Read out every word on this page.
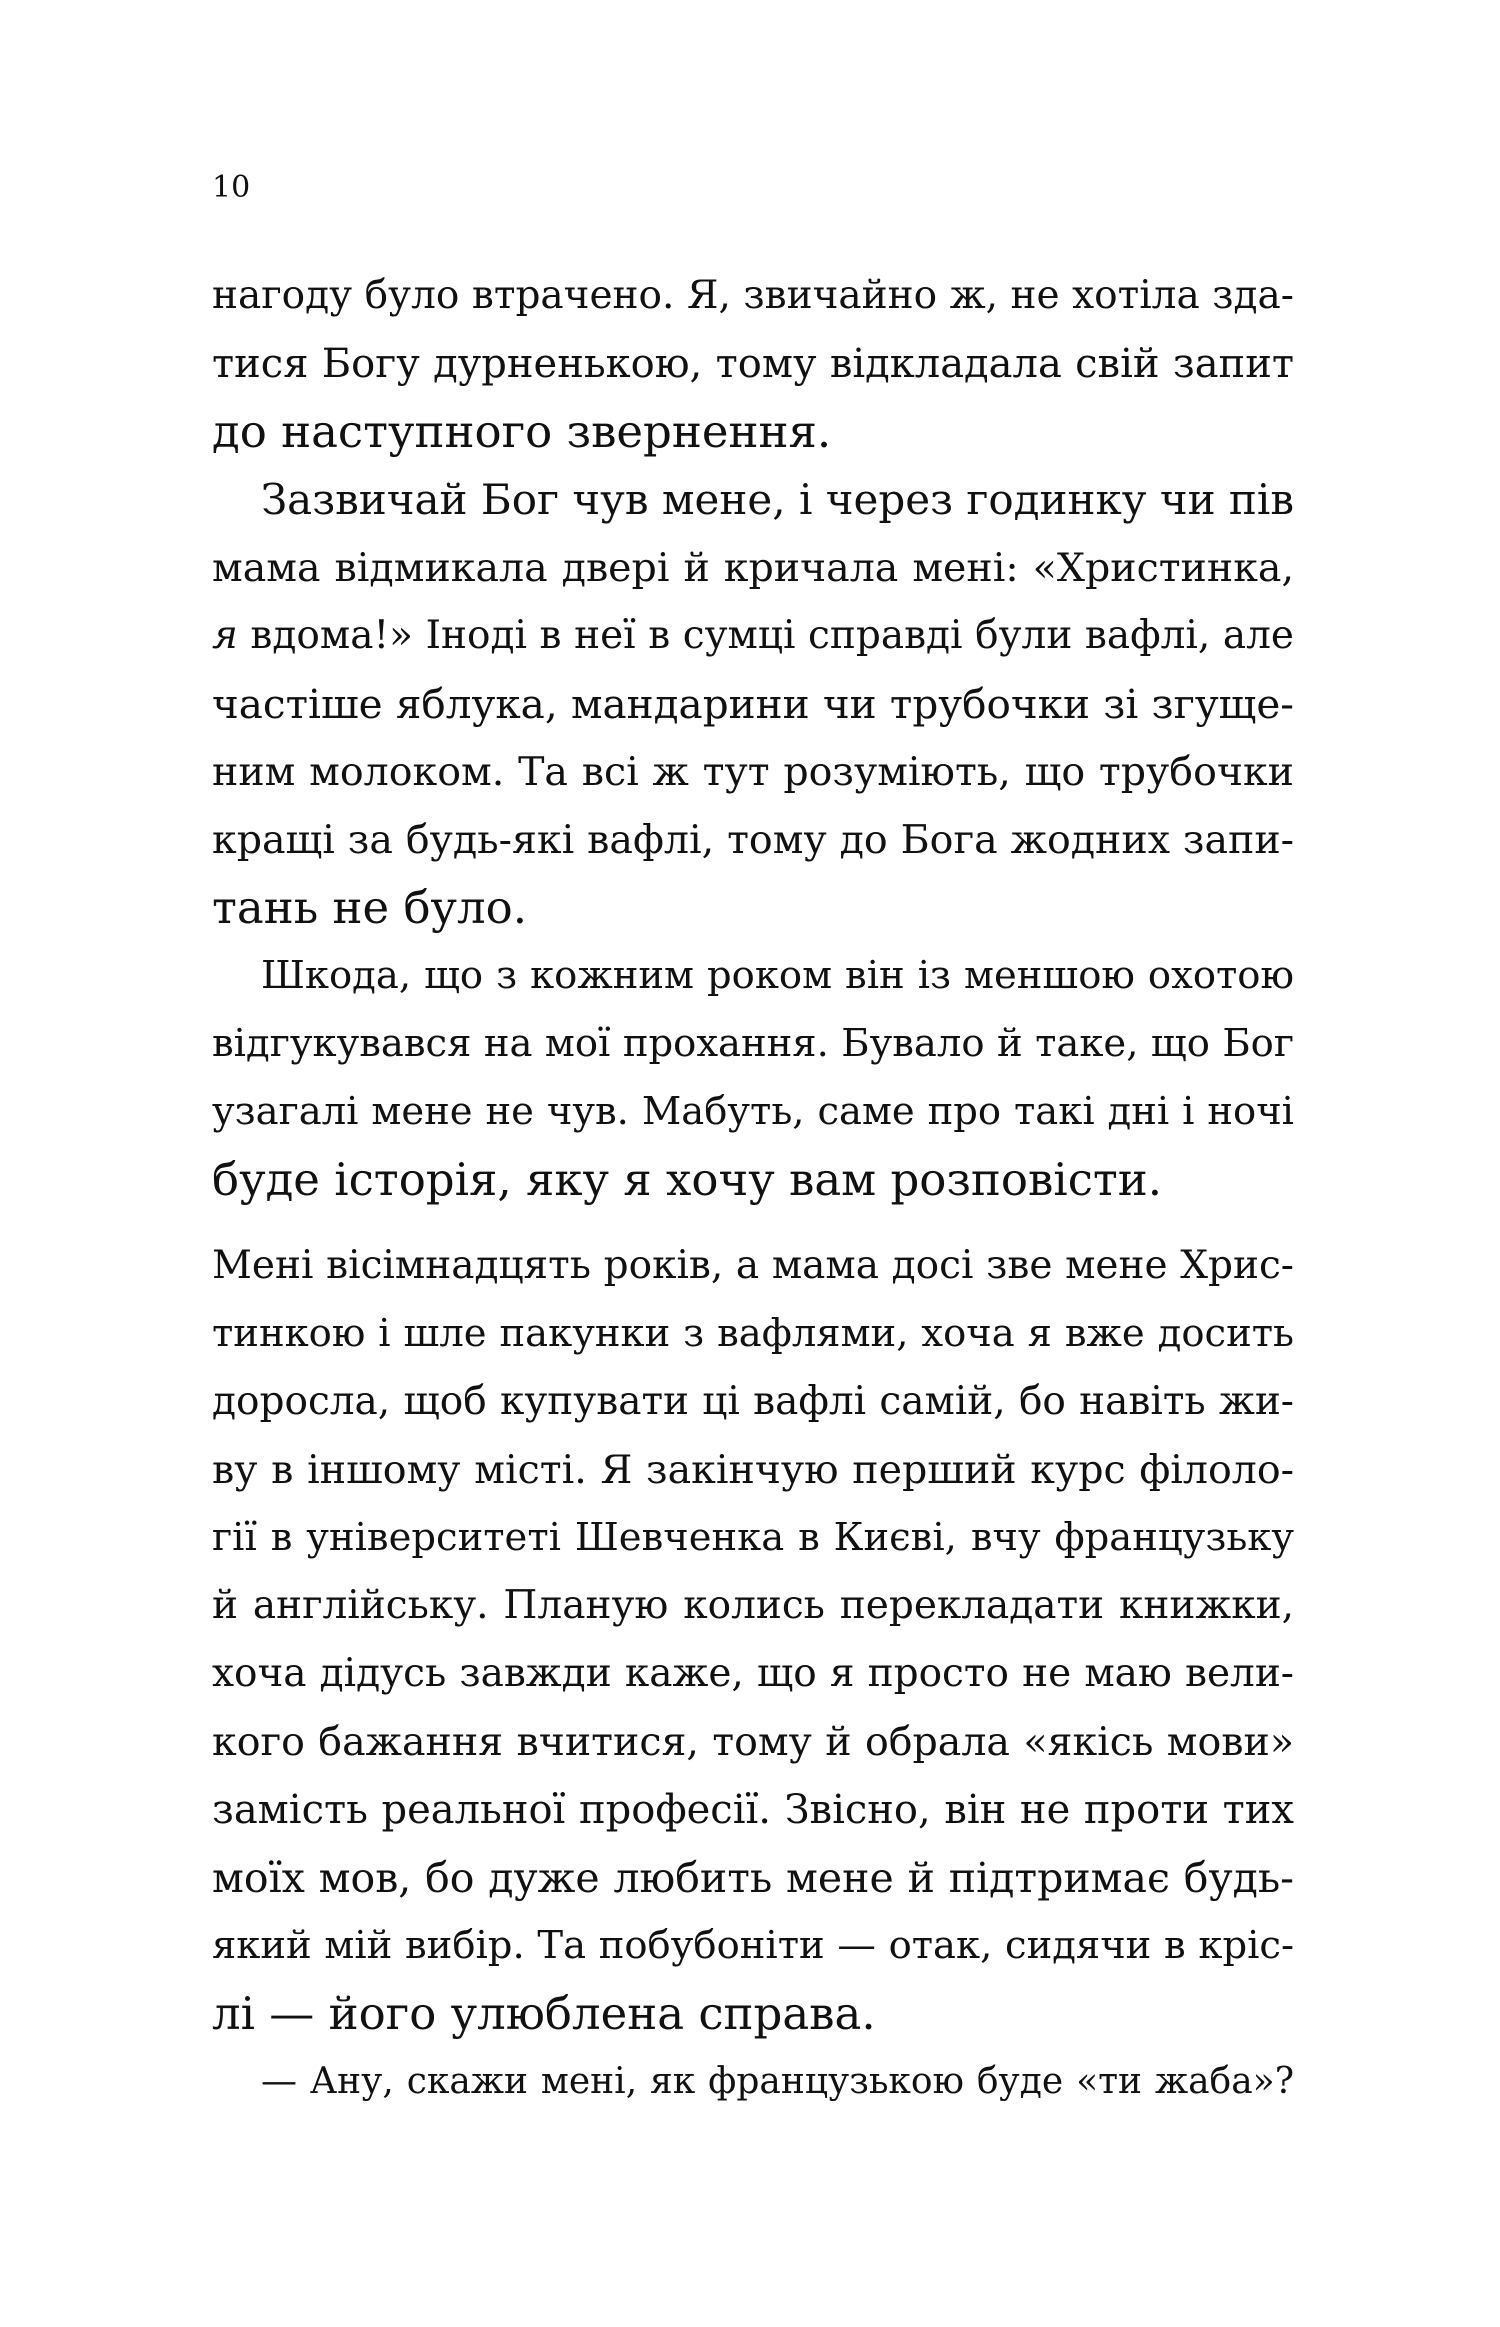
10
нагоду було втрачено. Я, звичайно ж, не хотіла зда-
тися Богу дурненькою, тому відкладала свій запит
до наступного звернення.
Зазвичай Бог чув мене, і через годинку чи пів
мама відмикала двері й кричала мені: «Христинка,
я вдома!» Іноді в неї в сумці справді були вафлі, але
частіше яблука, мандарини чи трубочки зі згуще-
ним молоком. Та всі ж тут розуміють, що трубочки
кращі за будь-які вафлі, тому до Бога жодних запи-
тань не було.
Шкода, що з кожним роком він із меншою охотою
відгукувався на мої прохання. Бувало й таке, що Бог
узагалі мене не чув. Мабуть, саме про такі дні і ночі
буде історія, яку я хочу вам розповісти.
Мені вісімнадцять років, а мама досі зве мене Хрис-
тинкою і шле пакунки з вафлями, хоча я вже досить
доросла, щоб купувати ці вафлі самій, бо навіть жи-
ву в іншому місті. Я закінчую перший курс філоло-
гії в університеті Шевченка в Києві, вчу французьку
й англійську. Планую колись перекладати книжки,
хоча дідусь завжди каже, що я просто не маю вели-
кого бажання вчитися, тому й обрала «якісь мови»
замість реальної професії. Звісно, він не проти тих
моїх мов, бо дуже любить мене й підтримає будь-
який мій вибір. Та побубоніти — отак, сидячи в кріс-
лі — його улюблена справа.
— Ану, скажи мені, як французькою буде «ти жаба»?
